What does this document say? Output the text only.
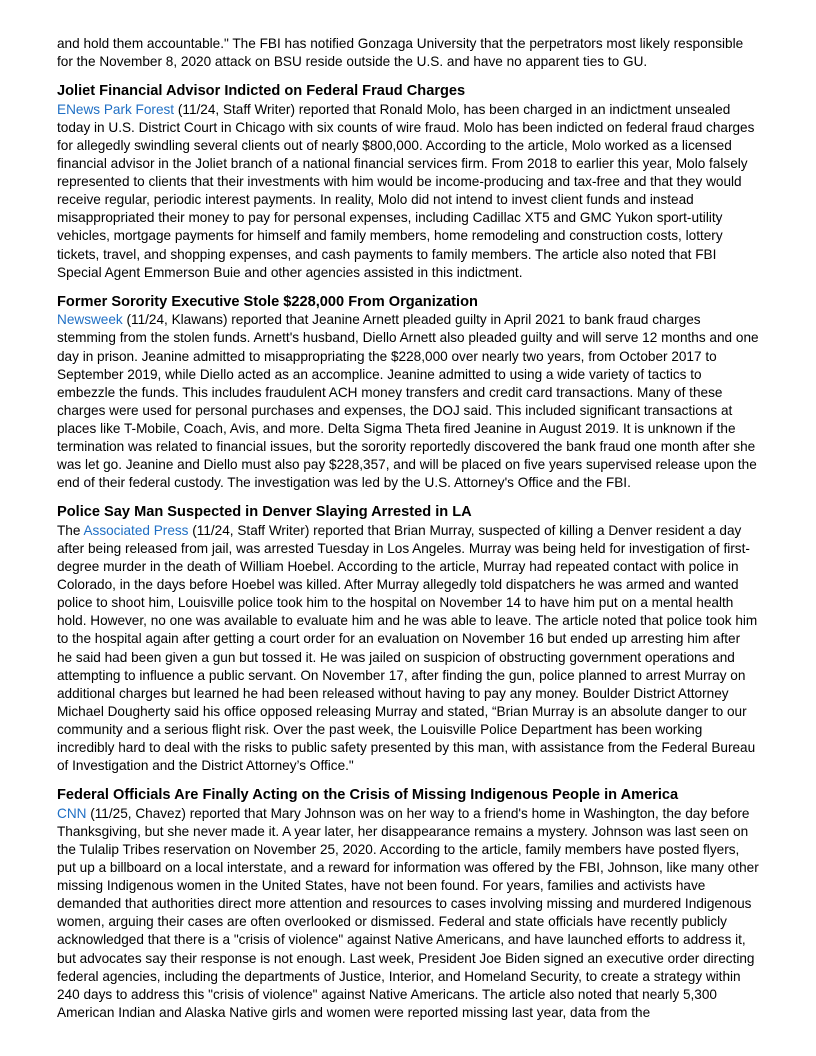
and hold them accountable." The FBI has notified Gonzaga University that the perpetrators most likely responsible for the November 8, 2020 attack on BSU reside outside the U.S. and have no apparent ties to GU.

Joliet Financial Advisor Indicted on Federal Fraud Charges

ENews Park Forest (11/24, Staff Writer) reported that Ronald Molo, has been charged in an indictment unsealed today in U.S. District Court in Chicago with six counts of wire fraud. Molo has been indicted on federal fraud charges for allegedly swindling several clients out of nearly $800,000. According to the article, Molo worked as a licensed financial advisor in the Joliet branch of a national financial services firm. From 2018 to earlier this year, Molo falsely represented to clients that their investments with him would be income-producing and tax-free and that they would receive regular, periodic interest payments. In reality, Molo did not intend to invest client funds and instead misappropriated their money to pay for personal expenses, including Cadillac XT5 and GMC Yukon sport-utility vehicles, mortgage payments for himself and family members, home remodeling and construction costs, lottery tickets, travel, and shopping expenses, and cash payments to family members. The article also noted that FBI Special Agent Emmerson Buie and other agencies assisted in this indictment.

Former Sorority Executive Stole $228,000 From Organization

Newsweek (11/24, Klawans) reported that Jeanine Arnett pleaded guilty in April 2021 to bank fraud charges stemming from the stolen funds. Arnett's husband, Diello Arnett also pleaded guilty and will serve 12 months and one day in prison. Jeanine admitted to misappropriating the $228,000 over nearly two years, from October 2017 to September 2019, while Diello acted as an accomplice. Jeanine admitted to using a wide variety of tactics to embezzle the funds. This includes fraudulent ACH money transfers and credit card transactions. Many of these charges were used for personal purchases and expenses, the DOJ said. This included significant transactions at places like T-Mobile, Coach, Avis, and more. Delta Sigma Theta fired Jeanine in August 2019. It is unknown if the termination was related to financial issues, but the sorority reportedly discovered the bank fraud one month after she was let go. Jeanine and Diello must also pay $228,357, and will be placed on five years supervised release upon the end of their federal custody. The investigation was led by the U.S. Attorney's Office and the FBI.

Police Say Man Suspected in Denver Slaying Arrested in LA

The Associated Press (11/24, Staff Writer) reported that Brian Murray, suspected of killing a Denver resident a day after being released from jail, was arrested Tuesday in Los Angeles. Murray was being held for investigation of first-degree murder in the death of William Hoebel. According to the article, Murray had repeated contact with police in Colorado, in the days before Hoebel was killed. After Murray allegedly told dispatchers he was armed and wanted police to shoot him, Louisville police took him to the hospital on November 14 to have him put on a mental health hold. However, no one was available to evaluate him and he was able to leave. The article noted that police took him to the hospital again after getting a court order for an evaluation on November 16 but ended up arresting him after he said had been given a gun but tossed it. He was jailed on suspicion of obstructing government operations and attempting to influence a public servant. On November 17, after finding the gun, police planned to arrest Murray on additional charges but learned he had been released without having to pay any money. Boulder District Attorney Michael Dougherty said his office opposed releasing Murray and stated, “Brian Murray is an absolute danger to our community and a serious flight risk. Over the past week, the Louisville Police Department has been working incredibly hard to deal with the risks to public safety presented by this man, with assistance from the Federal Bureau of Investigation and the District Attorney’s Office."

Federal Officials Are Finally Acting on the Crisis of Missing Indigenous People in America

CNN (11/25, Chavez) reported that Mary Johnson was on her way to a friend's home in Washington, the day before Thanksgiving, but she never made it. A year later, her disappearance remains a mystery. Johnson was last seen on the Tulalip Tribes reservation on November 25, 2020. According to the article, family members have posted flyers, put up a billboard on a local interstate, and a reward for information was offered by the FBI, Johnson, like many other missing Indigenous women in the United States, have not been found. For years, families and activists have demanded that authorities direct more attention and resources to cases involving missing and murdered Indigenous women, arguing their cases are often overlooked or dismissed. Federal and state officials have recently publicly acknowledged that there is a "crisis of violence" against Native Americans, and have launched efforts to address it, but advocates say their response is not enough. Last week, President Joe Biden signed an executive order directing federal agencies, including the departments of Justice, Interior, and Homeland Security, to create a strategy within 240 days to address this "crisis of violence" against Native Americans. The article also noted that nearly 5,300 American Indian and Alaska Native girls and women were reported missing last year, data from the
